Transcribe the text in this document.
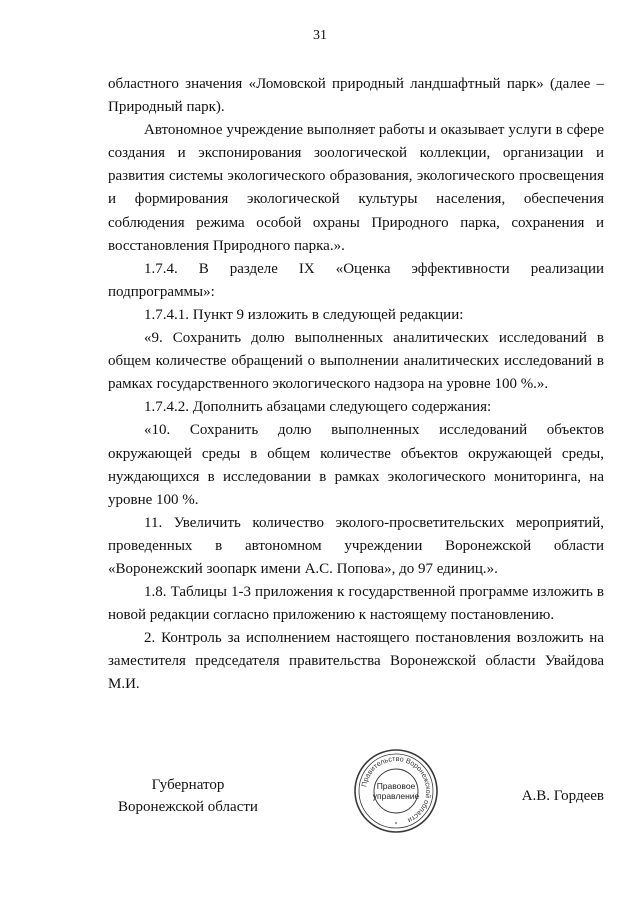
31

областного значения «Ломовской природный ландшафтный парк» (далее –

Природный парк).

Автономное учреждение выполняет работы и оказывает услуги в сфере создания и экспонирования зоологической коллекции, организации и развития системы экологического образования, экологического просвещения и формирования экологической культуры населения, обеспечения соблюдения режима особой охраны Природного парка, сохранения и восстановления Природного парка.».

1.7.4. В разделе IX «Оценка эффективности реализации подпрограммы»:

1.7.4.1. Пункт 9 изложить в следующей редакции:

«9. Сохранить долю выполненных аналитических исследований в общем количестве обращений о выполнении аналитических исследований в рамках государственного экологического надзора на уровне 100 %.».

1.7.4.2. Дополнить абзацами следующего содержания:

«10. Сохранить долю выполненных исследований объектов окружающей среды в общем количестве объектов окружающей среды, нуждающихся в исследовании в рамках экологического мониторинга, на уровне 100 %.

11. Увеличить количество эколого-просветительских мероприятий, проведенных в автономном учреждении Воронежской области «Воронежский зоопарк имени А.С. Попова», до 97 единиц.».

1.8. Таблицы 1-3 приложения к государственной программе изложить в новой редакции согласно приложению к настоящему постановлению.

2. Контроль за исполнением настоящего постановления возложить на заместителя председателя правительства Воронежской области Увайдова М.И.

Губернатор
Воронежской области
Правительство Воронежской области
*
Правовое
управление	А.В. Гордеев
